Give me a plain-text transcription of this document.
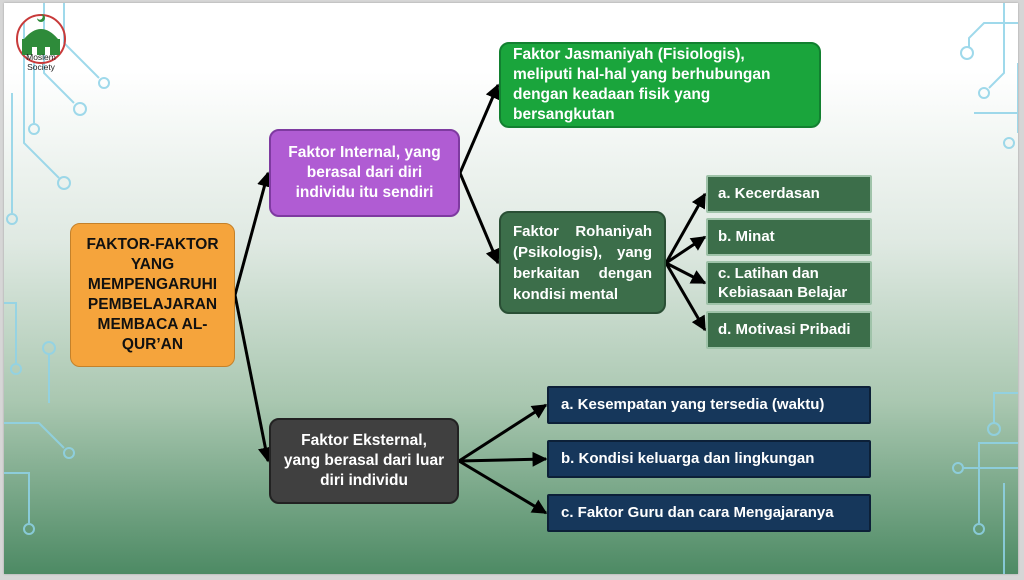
Moslem Society
FAKTOR-FAKTOR YANG MEMPENGARUHI PEMBELAJARAN MEMBACA AL-QUR’AN
Faktor Internal, yang berasal dari diri individu itu sendiri
Faktor Eksternal, yang berasal dari luar diri individu
Faktor Jasmaniyah (Fisiologis), meliputi hal-hal yang berhubungan dengan keadaan fisik yang bersangkutan
Faktor Rohaniyah (Psikologis), yang berkaitan dengan kondisi mental
a. Kecerdasan
b. Minat
c. Latihan dan Kebiasaan Belajar
d. Motivasi Pribadi
a. Kesempatan yang tersedia (waktu)
b. Kondisi keluarga dan lingkungan
c. Faktor Guru dan cara Mengajaranya
